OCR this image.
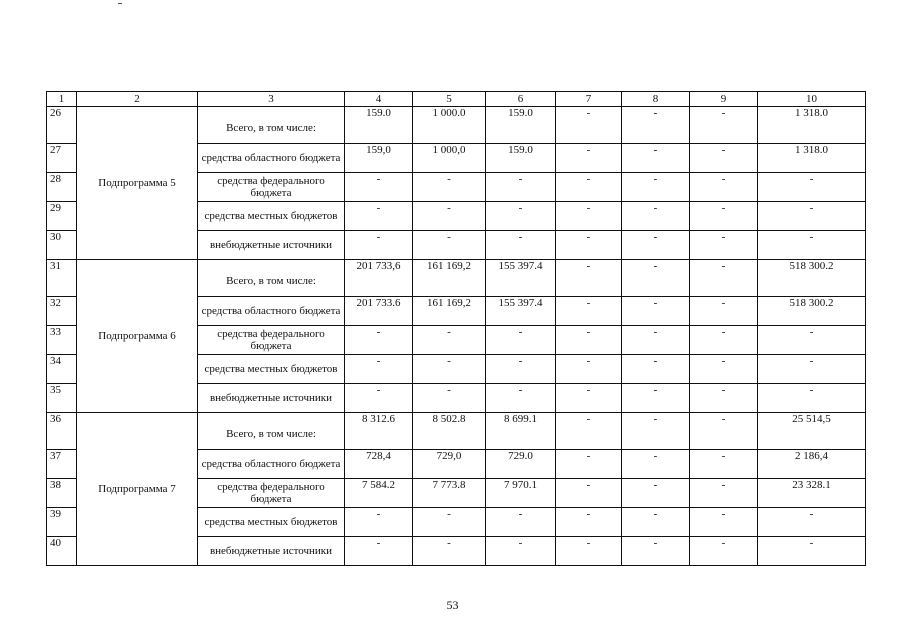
1	2	3	4	5	6	7	8	9	10
26	Подпрограмма 5	Всего, в том числе:	159.0	1 000.0	159.0	-	-	-	1 318.0
27		средства областного бюджета	159,0	1 000,0	159.0	-	-	-	1 318.0
28		средства федерального бюджета	-	-	-	-	-	-	-
29		средства местных бюджетов	-	-	-	-	-	-	-
30		внебюджетные источники	-	-	-	-	-	-	-
31	Подпрограмма 6	Всего, в том числе:	201 733,6	161 169,2	155 397.4	-	-	-	518 300.2
32		средства областного бюджета	201 733.6	161 169,2	155 397.4	-	-	-	518 300.2
33		средства федерального бюджета	-	-	-	-	-	-	-
34		средства местных бюджетов	-	-	-	-	-	-	-
35		внебюджетные источники	-	-	-	-	-	-	-
36	Подпрограмма 7	Всего, в том числе:	8 312.6	8 502.8	8 699.1	-	-	-	25 514,5
37		средства областного бюджета	728,4	729,0	729.0	-	-	-	2 186,4
38		средства федерального бюджета	7 584.2	7 773.8	7 970.1	-	-	-	23 328.1
39		средства местных бюджетов	-	-	-	-	-	-	-
40		внебюджетные источники	-	-	-	-	-	-	-
53
